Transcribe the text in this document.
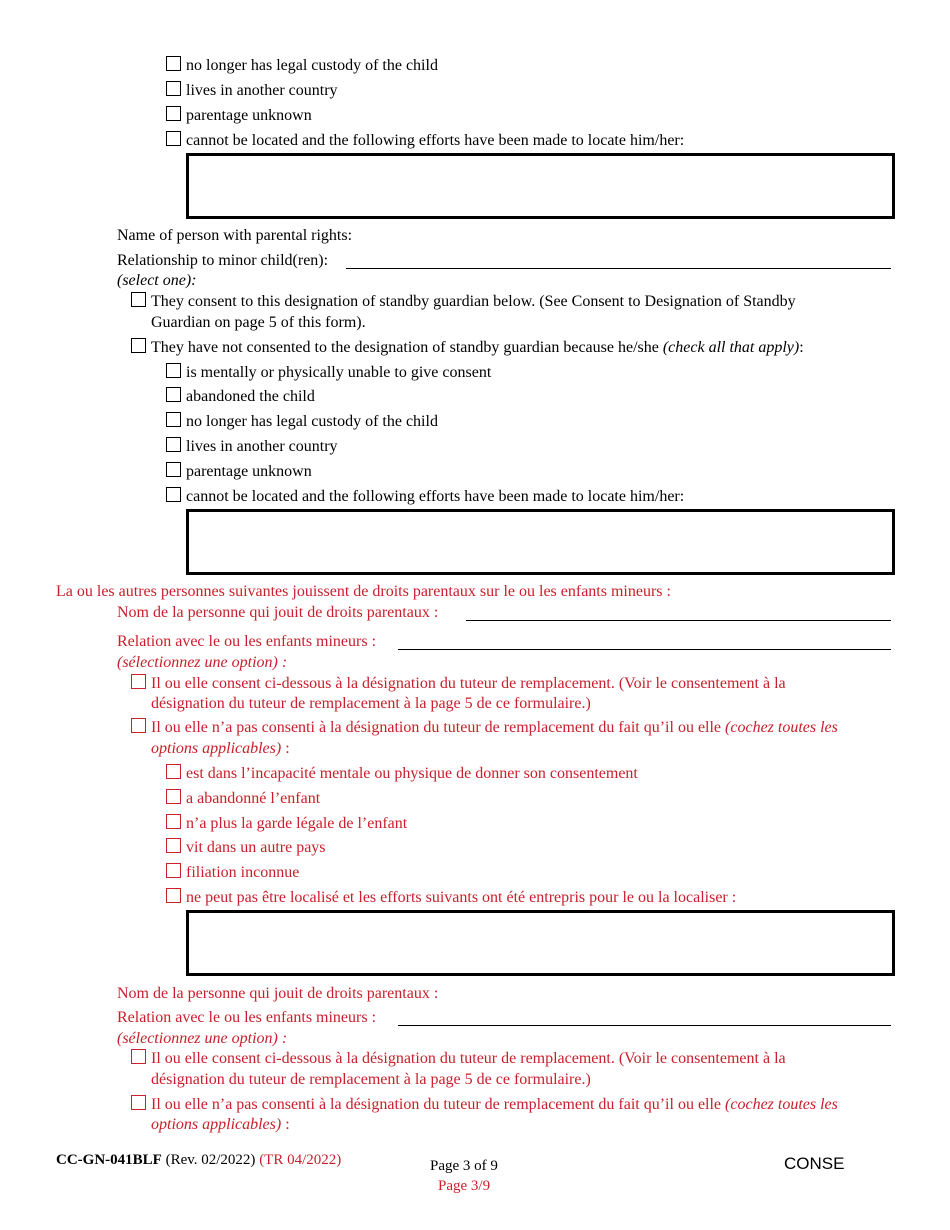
no longer has legal custody of the child
lives in another country
parentage unknown
cannot be located and the following efforts have been made to locate him/her:
Name of person with parental rights:
Relationship to minor child(ren):
(select one):
They consent to this designation of standby guardian below. (See Consent to Designation of Standby
Guardian on page 5 of this form).
They have not consented to the designation of standby guardian because he/she (check all that apply):
is mentally or physically unable to give consent
abandoned the child
no longer has legal custody of the child
lives in another country
parentage unknown
cannot be located and the following efforts have been made to locate him/her:
La ou les autres personnes suivantes jouissent de droits parentaux sur le ou les enfants mineurs :
Nom de la personne qui jouit de droits parentaux :
Relation avec le ou les enfants mineurs :
(sélectionnez une option) :
Il ou elle consent ci-dessous à la désignation du tuteur de remplacement. (Voir le consentement à la
désignation du tuteur de remplacement à la page 5 de ce formulaire.)
Il ou elle n’a pas consenti à la désignation du tuteur de remplacement du fait qu’il ou elle (cochez toutes les
options applicables) :
est dans l’incapacité mentale ou physique de donner son consentement
a abandonné l’enfant
n’a plus la garde légale de l’enfant
vit dans un autre pays
filiation inconnue
ne peut pas être localisé et les efforts suivants ont été entrepris pour le ou la localiser :
Nom de la personne qui jouit de droits parentaux :
Relation avec le ou les enfants mineurs :
(sélectionnez une option) :
Il ou elle consent ci-dessous à la désignation du tuteur de remplacement. (Voir le consentement à la
désignation du tuteur de remplacement à la page 5 de ce formulaire.)
Il ou elle n’a pas consenti à la désignation du tuteur de remplacement du fait qu’il ou elle (cochez toutes les
options applicables) :
CC-GN-041BLF (Rev. 02/2022) (TR 04/2022)	Page 3 of 9
Page 3/9
CONSE
